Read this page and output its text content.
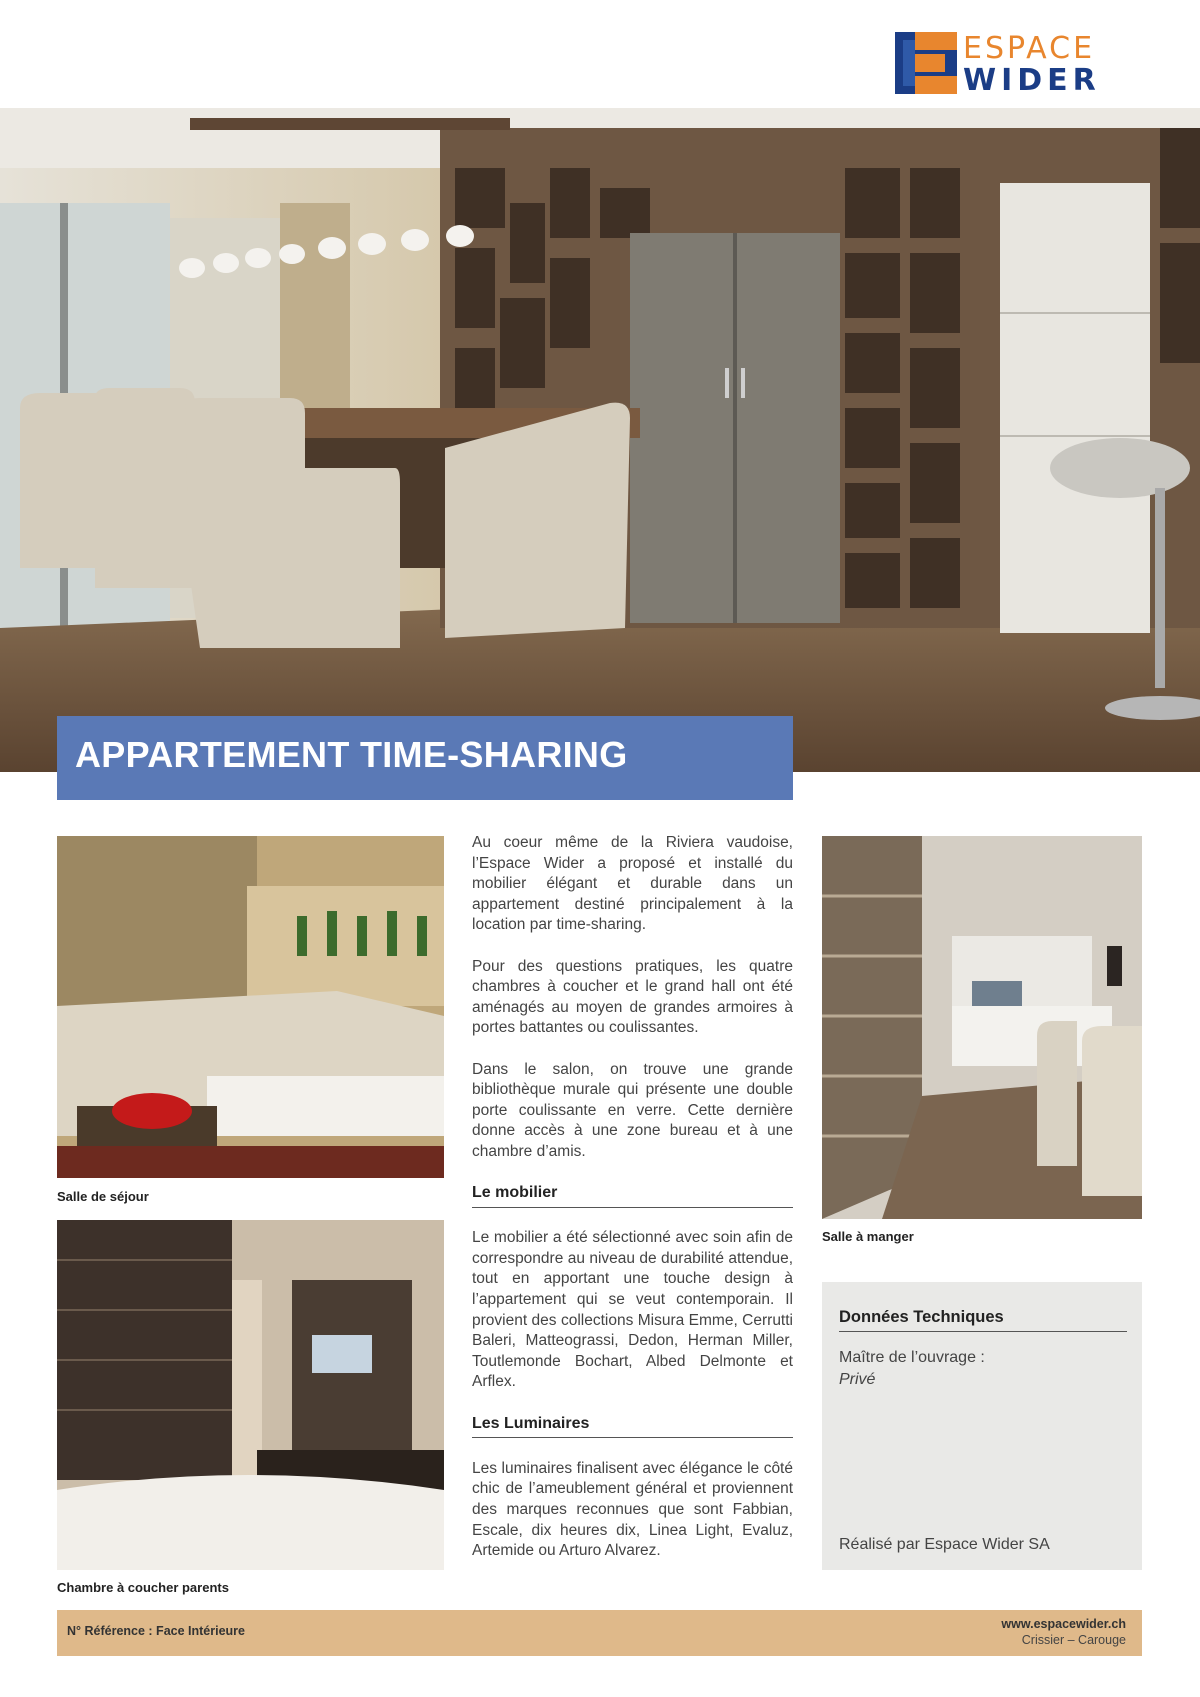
ESPACE
WIDER
APPARTEMENT TIME-SHARING
Salle de séjour
Chambre à coucher parents

Au coeur même de la Riviera vaudoise, l’Espace Wider a proposé et installé du mobilier élégant et durable dans un appartement destiné principalement à la location par time-sharing.

Pour des questions pratiques, les quatre chambres à coucher et le grand hall ont été aménagés au moyen de grandes armoires à portes battantes ou coulissantes.

Dans le salon, on trouve une grande bibliothèque murale qui présente une double porte coulissante en verre. Cette dernière donne accès à une zone bureau et à une chambre d’amis.

Le mobilier

Le mobilier a été sélectionné avec soin afin de correspondre au niveau de durabilité attendue, tout en apportant une touche design à l’appartement qui se veut contemporain. Il provient des collections Misura Emme, Cerrutti Baleri, Matteograssi, Dedon, Herman Miller, Toutlemonde Bochart, Albed Delmonte et Arflex.

Les Luminaires

Les luminaires finalisent avec élégance le côté chic de l’ameublement général et proviennent des marques reconnues que sont Fabbian, Escale, dix heures dix, Linea Light, Evaluz, Artemide ou Arturo Alvarez.

Salle à manger
Données Techniques
Maître de l’ouvrage :
Privé
Réalisé par Espace Wider SA
N° Référence : Face Intérieure	www.espacewider.ch
Crissier – Carouge
